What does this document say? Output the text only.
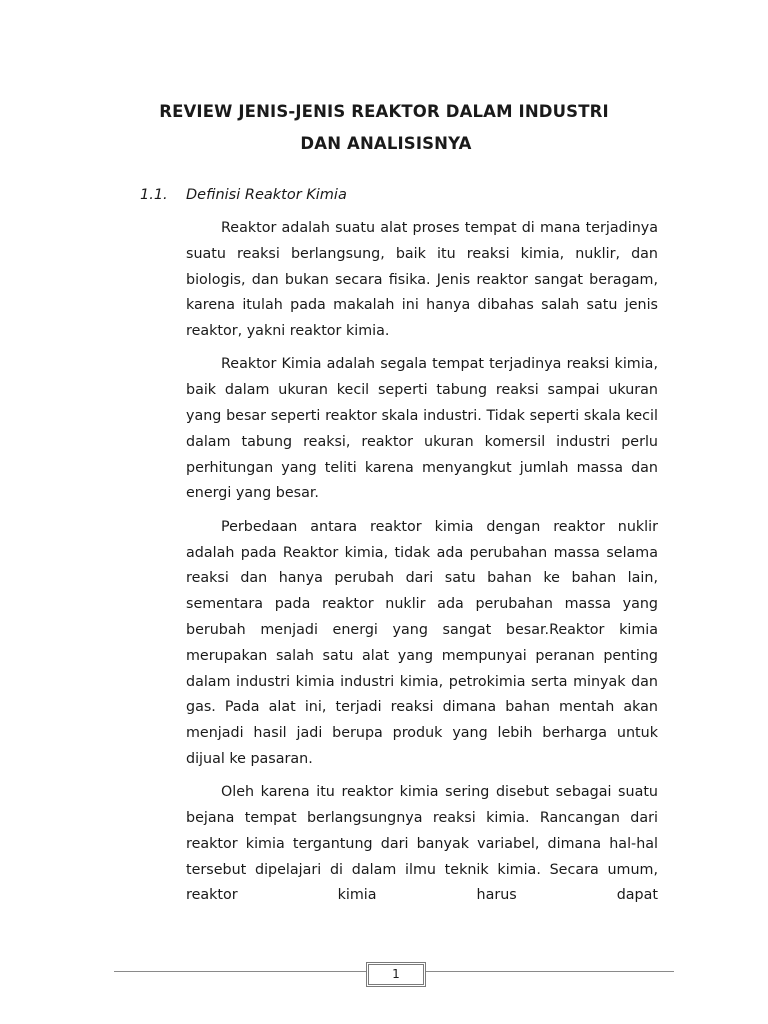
REVIEW JENIS-JENIS REAKTOR DALAM INDUSTRI
DAN ANALISISNYA
1.1. Definisi Reaktor Kimia

Reaktor adalah suatu alat proses tempat di mana terjadinya suatu reaksi berlangsung, baik itu reaksi kimia, nuklir, dan biologis, dan bukan secara fisika. Jenis reaktor sangat beragam, karena itulah pada makalah ini hanya dibahas salah satu jenis reaktor, yakni reaktor kimia.

Reaktor Kimia adalah segala tempat terjadinya reaksi kimia, baik dalam ukuran kecil seperti tabung reaksi sampai ukuran yang besar seperti reaktor skala industri. Tidak seperti skala kecil dalam tabung reaksi, reaktor ukuran komersil industri perlu perhitungan yang teliti karena menyangkut jumlah massa dan energi yang besar.

Perbedaan antara reaktor kimia dengan reaktor nuklir adalah pada Reaktor kimia, tidak ada perubahan massa selama reaksi dan hanya perubah dari satu bahan ke bahan lain, sementara pada reaktor nuklir ada perubahan massa yang berubah menjadi energi yang sangat besar.Reaktor kimia merupakan salah satu alat yang mempunyai peranan penting dalam industri kimia industri kimia, petrokimia serta minyak dan gas. Pada alat ini, terjadi reaksi dimana bahan mentah akan menjadi hasil jadi berupa produk yang lebih berharga untuk dijual ke pasaran.

Oleh karena itu reaktor kimia sering disebut sebagai suatu bejana tempat berlangsungnya reaksi kimia. Rancangan dari reaktor kimia tergantung dari banyak variabel, dimana hal-hal tersebut dipelajari di dalam ilmu teknik kimia. Secara umum, reaktor kimia harus dapat

1
